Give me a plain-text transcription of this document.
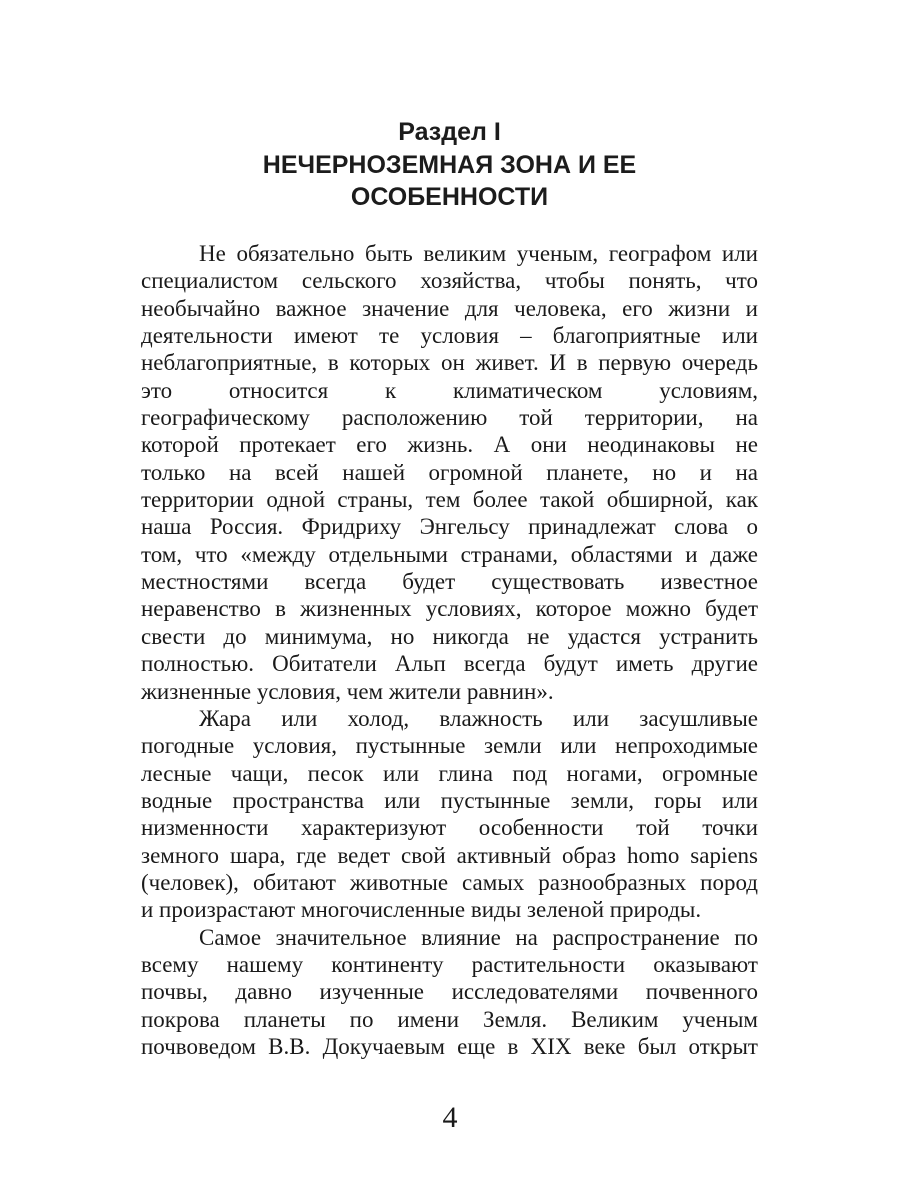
Раздел I
НЕЧЕРНОЗЕМНАЯ ЗОНА И ЕЕ
ОСОБЕННОСТИ
Не обязательно быть великим ученым, географом или
специалистом сельского хозяйства, чтобы понять, что
необычайно важное значение для человека, его жизни и
деятельности имеют те условия – благоприятные или
неблагоприятные, в которых он живет. И в первую очередь
это относится к климатическом условиям,
географическому расположению той территории, на
которой протекает его жизнь. А они неодинаковы не
только на всей нашей огромной планете, но и на
территории одной страны, тем более такой обширной, как
наша Россия. Фридриху Энгельсу принадлежат слова о
том, что «между отдельными странами, областями и даже
местностями всегда будет существовать известное
неравенство в жизненных условиях, которое можно будет
свести до минимума, но никогда не удастся устранить
полностью. Обитатели Альп всегда будут иметь другие
жизненные условия, чем жители равнин».
Жара или холод, влажность или засушливые
погодные условия, пустынные земли или непроходимые
лесные чащи, песок или глина под ногами, огромные
водные пространства или пустынные земли, горы или
низменности характеризуют особенности той точки
земного шара, где ведет свой активный образ homo sapiens
(человек), обитают животные самых разнообразных пород
и произрастают многочисленные виды зеленой природы.
Самое значительное влияние на распространение по
всему нашему континенту растительности оказывают
почвы, давно изученные исследователями почвенного
покрова планеты по имени Земля. Великим ученым
почвоведом В.В. Докучаевым еще в XIX веке был открыт
4
